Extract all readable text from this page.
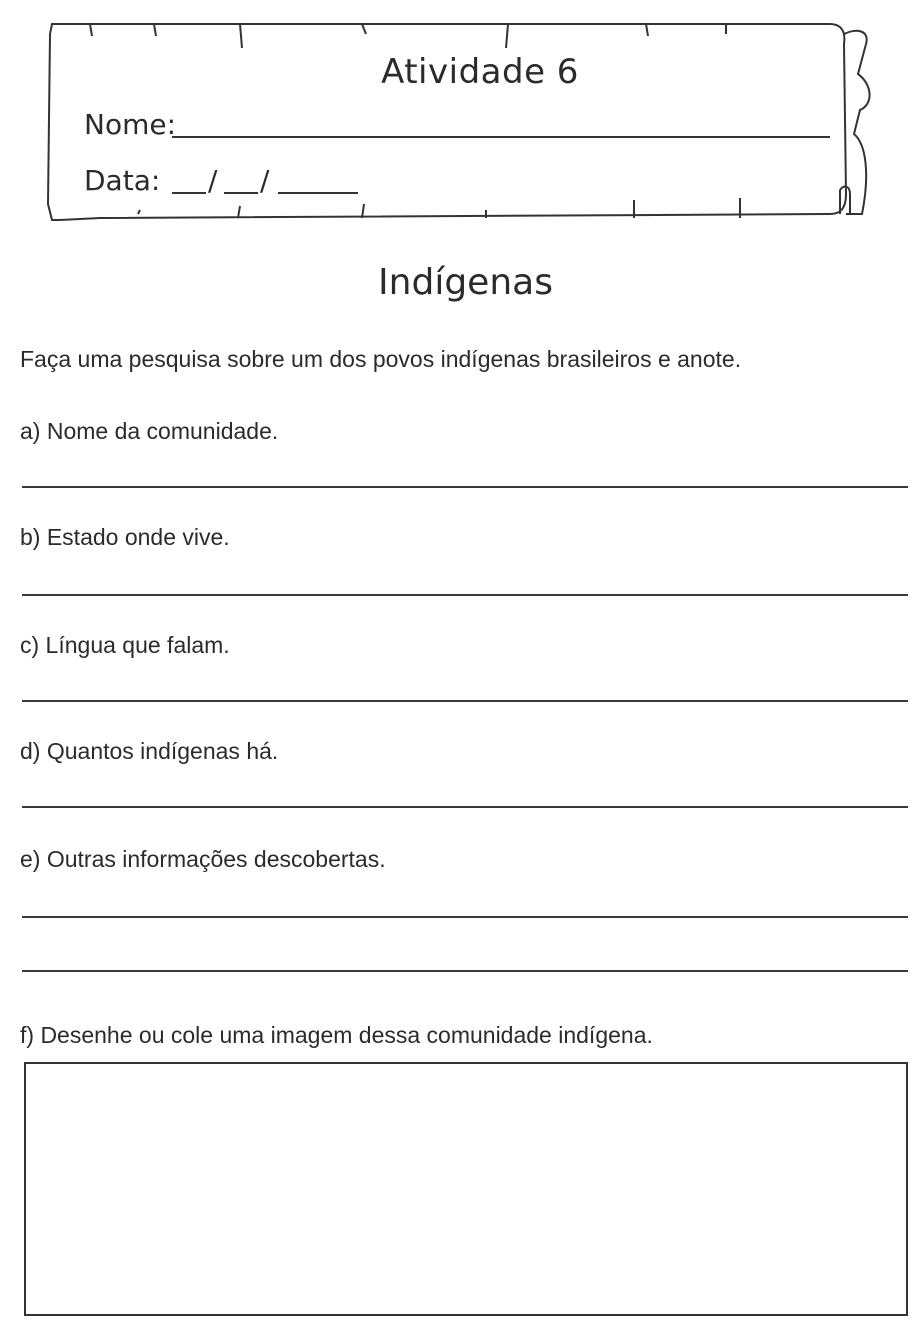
Atividade 6
Nome:
Data: / /
Indígenas
Faça uma pesquisa sobre um dos povos indígenas brasileiros e anote.
a) Nome da comunidade.
b) Estado onde vive.
c) Língua que falam.
d) Quantos indígenas há.
e) Outras informações descobertas.
f) Desenhe ou cole uma imagem dessa comunidade indígena.
